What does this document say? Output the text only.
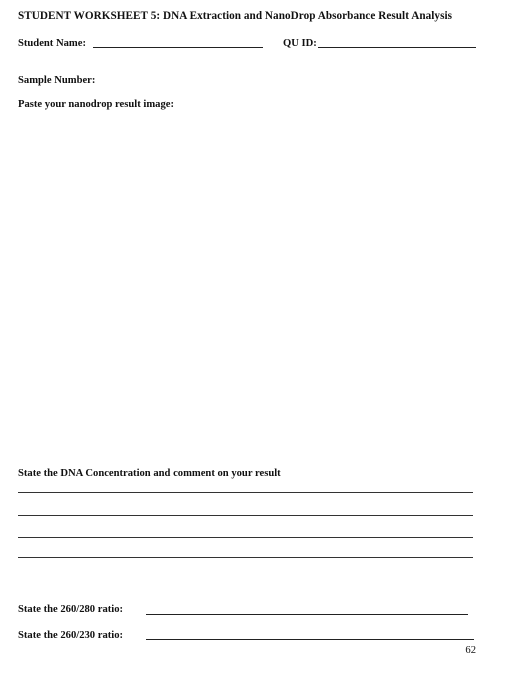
STUDENT WORKSHEET 5: DNA Extraction and NanoDrop Absorbance Result Analysis
Student Name:	QU ID:
Sample Number:
Paste your nanodrop result image:
State the DNA Concentration and comment on your result
State the 260/280 ratio:
State the 260/230 ratio:
62
